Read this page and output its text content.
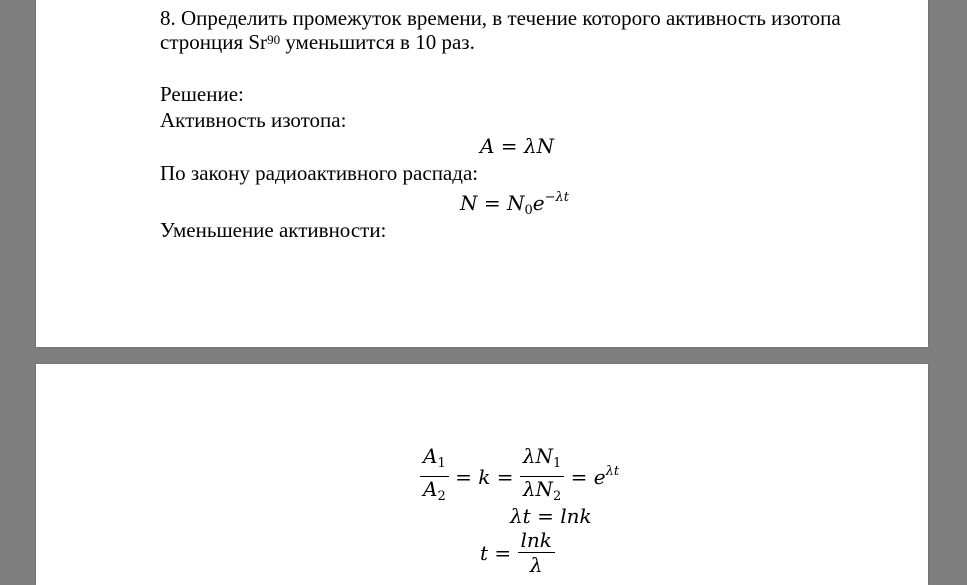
8. Определить промежуток времени, в течение которого активность изотопа
стронция Sr$^{90}$ уменьшится в 10 раз.
Решение:
Активность изотопа:
A = λN
По закону радиоактивного распада:
$N = N_0e^{-\lambda t}$
Уменьшение активности:
$\frac{A_1}{A_2} = k = \frac{\lambda N_1}{\lambda N_2} = e^{\lambda t}$
λt = lnk
$t = \frac{\ln k}{\lambda}$
